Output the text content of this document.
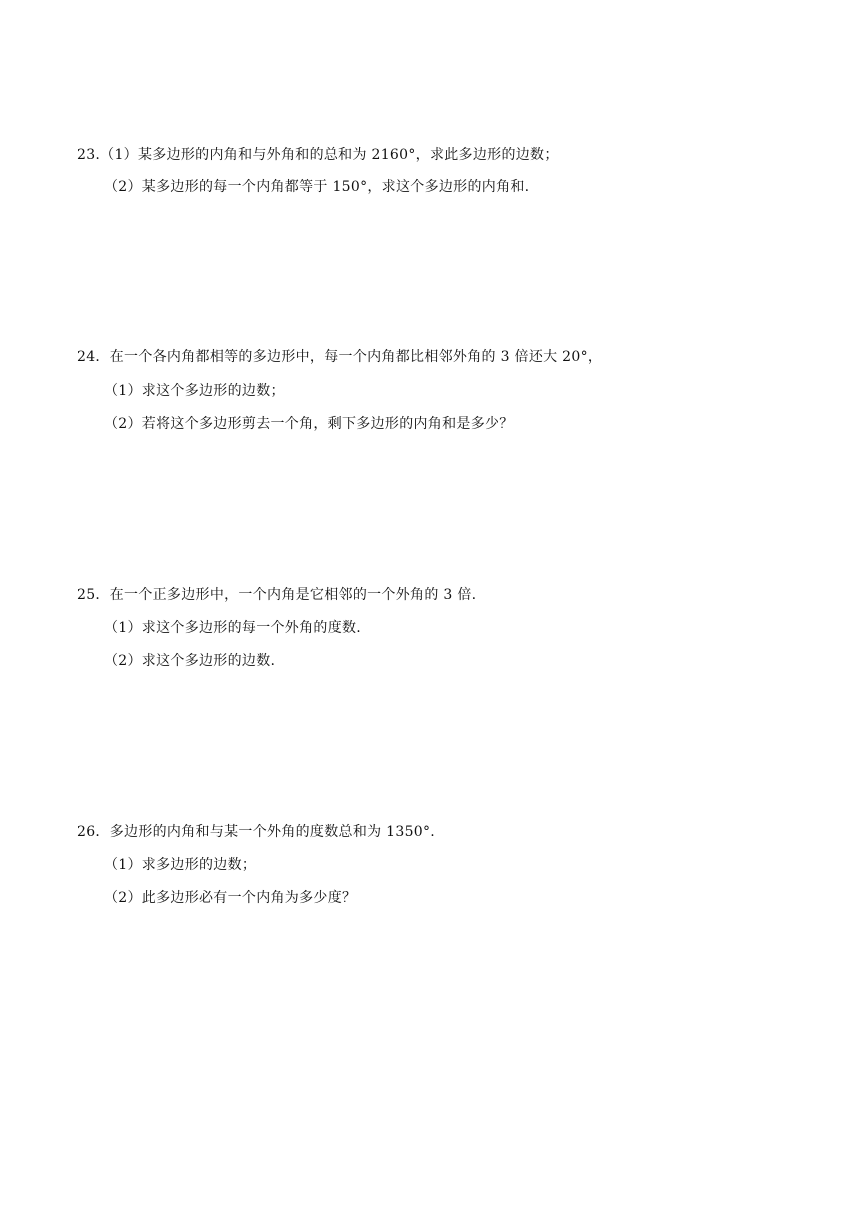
23.（1）某多边形的内角和与外角和的总和为 2160°，求此多边形的边数；
（2）某多边形的每一个内角都等于 150°，求这个多边形的内角和.
24．在一个各内角都相等的多边形中，每一个内角都比相邻外角的 3 倍还大 20°，
（1）求这个多边形的边数；
（2）若将这个多边形剪去一个角，剩下多边形的内角和是多少？
25．在一个正多边形中，一个内角是它相邻的一个外角的 3 倍.
（1）求这个多边形的每一个外角的度数.
（2）求这个多边形的边数.
26．多边形的内角和与某一个外角的度数总和为 1350°.
（1）求多边形的边数；
（2）此多边形必有一个内角为多少度？
